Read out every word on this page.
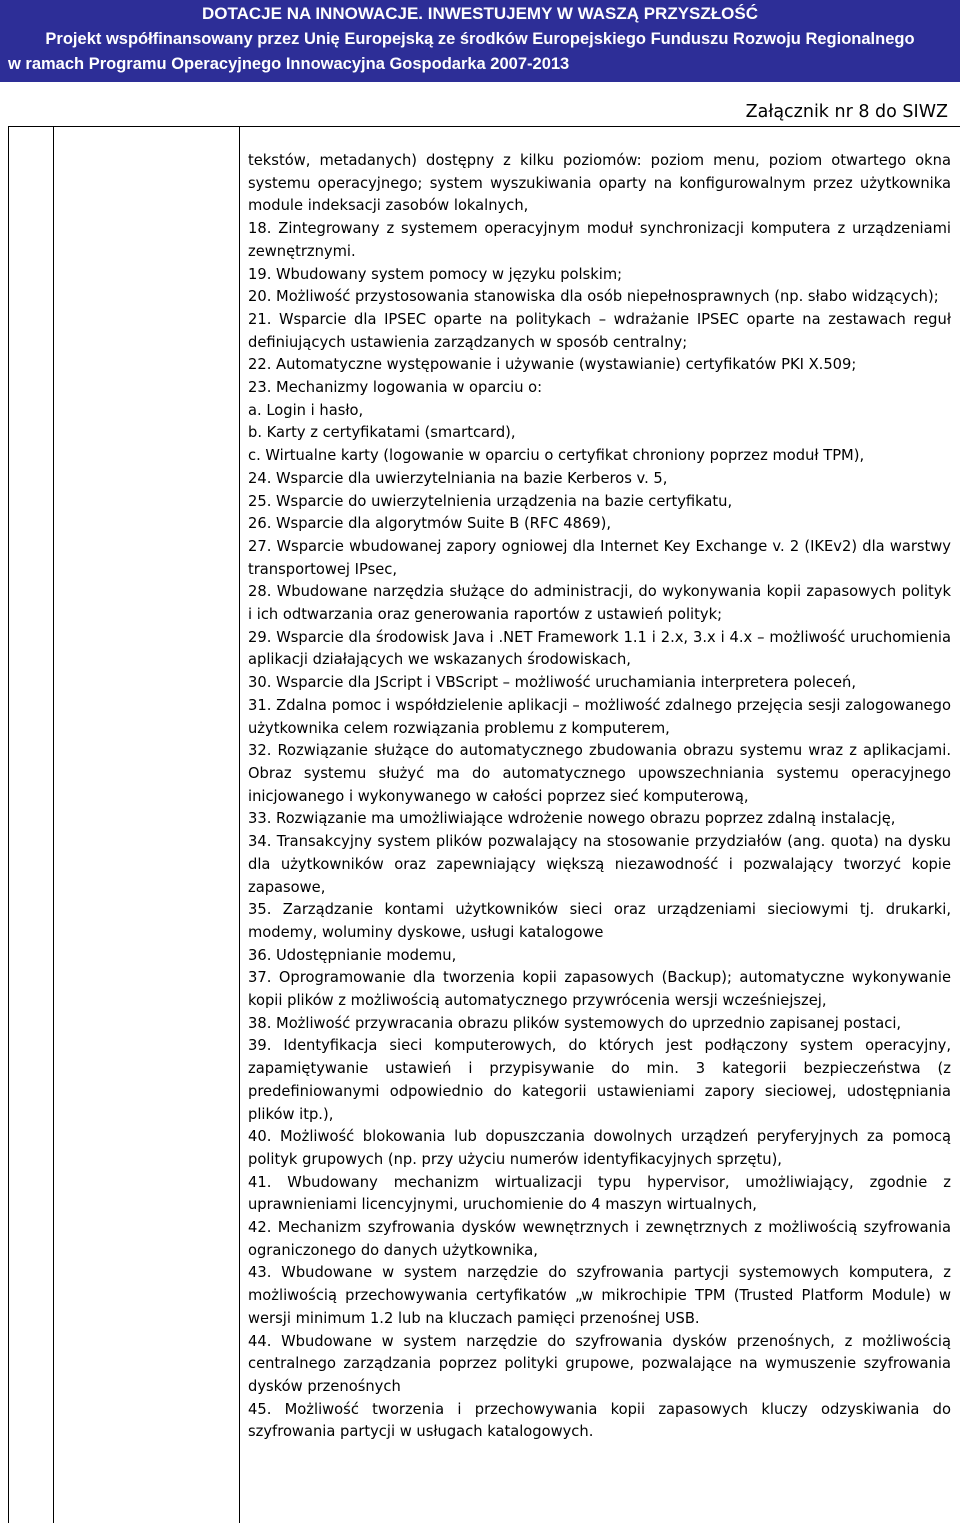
DOTACJE NA INNOWACJE. INWESTUJEMY W WASZĄ PRZYSZŁOŚĆ
Projekt współfinansowany przez Unię Europejską ze środków Europejskiego Funduszu Rozwoju Regionalnego
w ramach Programu Operacyjnego Innowacyjna Gospodarka 2007-2013
Załącznik nr 8 do SIWZ

tekstów, metadanych) dostępny z kilku poziomów: poziom menu, poziom otwartego okna systemu operacyjnego; system wyszukiwania oparty na konfigurowalnym przez użytkownika module indeksacji zasobów lokalnych,

18. Zintegrowany z systemem operacyjnym moduł synchronizacji komputera z urządzeniami zewnętrznymi.

19. Wbudowany system pomocy w języku polskim;

20. Możliwość przystosowania stanowiska dla osób niepełnosprawnych (np. słabo widzących);

21. Wsparcie dla IPSEC oparte na politykach – wdrażanie IPSEC oparte na zestawach reguł definiujących ustawienia zarządzanych w sposób centralny;

22. Automatyczne występowanie i używanie (wystawianie) certyfikatów PKI X.509;

23. Mechanizmy logowania w oparciu o:

a. Login i hasło,

b. Karty z certyfikatami (smartcard),

c. Wirtualne karty (logowanie w oparciu o certyfikat chroniony poprzez moduł TPM),

24. Wsparcie dla uwierzytelniania na bazie Kerberos v. 5,

25. Wsparcie do uwierzytelnienia urządzenia na bazie certyfikatu,

26. Wsparcie dla algorytmów Suite B (RFC 4869),

27. Wsparcie wbudowanej zapory ogniowej dla Internet Key Exchange v. 2 (IKEv2) dla warstwy transportowej IPsec,

28. Wbudowane narzędzia służące do administracji, do wykonywania kopii zapasowych polityk i ich odtwarzania oraz generowania raportów z ustawień polityk;

29. Wsparcie dla środowisk Java i .NET Framework 1.1 i 2.x, 3.x i 4.x – możliwość uruchomienia aplikacji działających we wskazanych środowiskach,

30. Wsparcie dla JScript i VBScript – możliwość uruchamiania interpretera poleceń,

31. Zdalna pomoc i współdzielenie aplikacji – możliwość zdalnego przejęcia sesji zalogowanego użytkownika celem rozwiązania problemu z komputerem,

32. Rozwiązanie służące do automatycznego zbudowania obrazu systemu wraz z aplikacjami. Obraz systemu służyć ma do automatycznego upowszechniania systemu operacyjnego inicjowanego i wykonywanego w całości poprzez sieć komputerową,

33. Rozwiązanie ma umożliwiające wdrożenie nowego obrazu poprzez zdalną instalację,

34. Transakcyjny system plików pozwalający na stosowanie przydziałów (ang. quota) na dysku dla użytkowników oraz zapewniający większą niezawodność i pozwalający tworzyć kopie zapasowe,

35. Zarządzanie kontami użytkowników sieci oraz urządzeniami sieciowymi tj. drukarki, modemy, woluminy dyskowe, usługi katalogowe

36. Udostępnianie modemu,

37. Oprogramowanie dla tworzenia kopii zapasowych (Backup); automatyczne wykonywanie kopii plików z możliwością automatycznego przywrócenia wersji wcześniejszej,

38. Możliwość przywracania obrazu plików systemowych do uprzednio zapisanej postaci,

39. Identyfikacja sieci komputerowych, do których jest podłączony system operacyjny, zapamiętywanie ustawień i przypisywanie do min. 3 kategorii bezpieczeństwa (z predefiniowanymi odpowiednio do kategorii ustawieniami zapory sieciowej, udostępniania plików itp.),

40. Możliwość blokowania lub dopuszczania dowolnych urządzeń peryferyjnych za pomocą polityk grupowych (np. przy użyciu numerów identyfikacyjnych sprzętu),

41. Wbudowany mechanizm wirtualizacji typu hypervisor, umożliwiający, zgodnie z uprawnieniami licencyjnymi, uruchomienie do 4 maszyn wirtualnych,

42. Mechanizm szyfrowania dysków wewnętrznych i zewnętrznych z możliwością szyfrowania ograniczonego do danych użytkownika,

43. Wbudowane w system narzędzie do szyfrowania partycji systemowych komputera, z możliwością przechowywania certyfikatów „w mikrochipie TPM (Trusted Platform Module) w wersji minimum 1.2 lub na kluczach pamięci przenośnej USB.

44. Wbudowane w system narzędzie do szyfrowania dysków przenośnych, z możliwością centralnego zarządzania poprzez polityki grupowe, pozwalające na wymuszenie szyfrowania dysków przenośnych

45. Możliwość tworzenia i przechowywania kopii zapasowych kluczy odzyskiwania do szyfrowania partycji w usługach katalogowych.
